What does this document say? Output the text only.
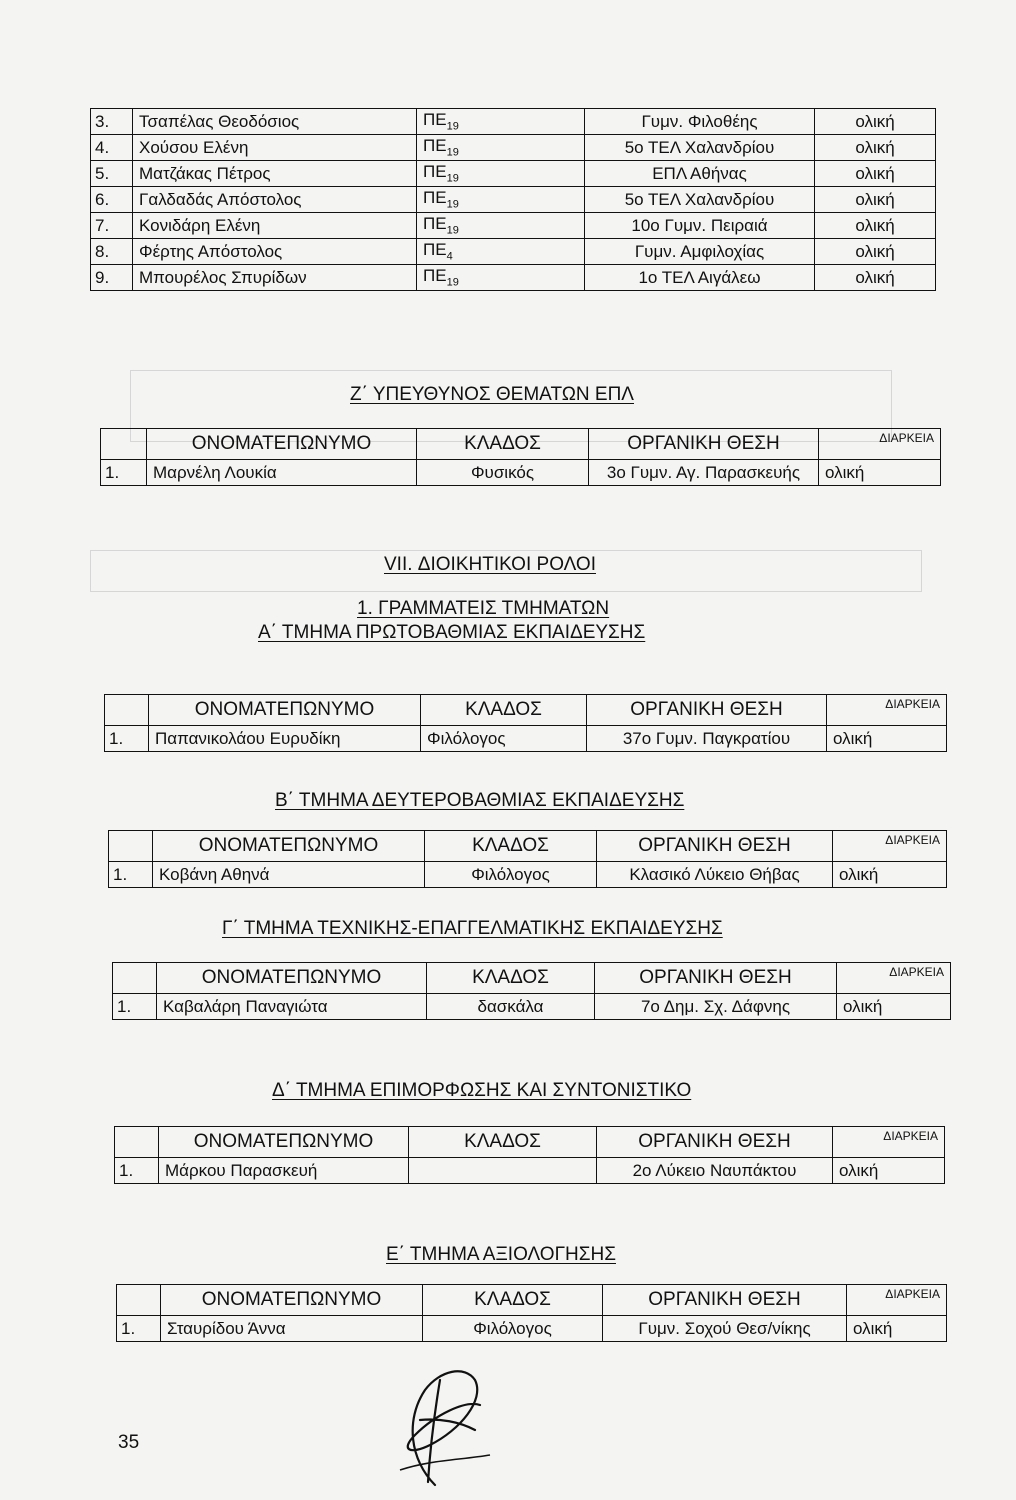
3.	Τσαπέλας Θεοδόσιος	$\Pi E_{19}$	Γυμν. Φιλοθέης	ολική
4.	Χούσου Ελένη	$\Pi E_{19}$	5ο ΤΕΛ Χαλανδρίου	ολική
5.	Ματζάκας Πέτρος	$\Pi E_{19}$	ΕΠΛ Αθήνας	ολική
6.	Γαλδαδάς Απόστολος	$\Pi E_{19}$	5ο ΤΕΛ Χαλανδρίου	ολική
7.	Κονιδάρη Ελένη	$\Pi E_{19}$	10ο Γυμν. Πειραιά	ολική
8.	Φέρτης Απόστολος	$\Pi E_4$	Γυμν. Αμφιλοχίας	ολική
9.	Μπουρέλος Σπυρίδων	$\Pi E_{19}$	1ο ΤΕΛ Αιγάλεω	ολική
Ζ΄ ΥΠΕΥΘΥΝΟΣ ΘΕΜΑΤΩΝ ΕΠΛ
	ΟΝΟΜΑΤΕΠΩΝΥΜΟ	ΚΛΑΔΟΣ	ΟΡΓΑΝΙΚΗ ΘΕΣΗ	ΔΙΑΡΚΕΙΑ
1.	Μαρνέλη Λουκία	Φυσικός	3ο Γυμν. Αγ. Παρασκευής	ολική
VII. ΔΙΟΙΚΗΤΙΚΟΙ ΡΟΛΟΙ
1. ΓΡΑΜΜΑΤΕΙΣ ΤΜΗΜΑΤΩΝ
Α΄ ΤΜΗΜΑ ΠΡΩΤΟΒΑΘΜΙΑΣ ΕΚΠΑΙΔΕΥΣΗΣ
	ΟΝΟΜΑΤΕΠΩΝΥΜΟ	ΚΛΑΔΟΣ	ΟΡΓΑΝΙΚΗ ΘΕΣΗ	ΔΙΑΡΚΕΙΑ
1.	Παπανικολάου Ευρυδίκη	Φιλόλογος	37ο Γυμν. Παγκρατίου	ολική
Β΄ ΤΜΗΜΑ ΔΕΥΤΕΡΟΒΑΘΜΙΑΣ ΕΚΠΑΙΔΕΥΣΗΣ
	ΟΝΟΜΑΤΕΠΩΝΥΜΟ	ΚΛΑΔΟΣ	ΟΡΓΑΝΙΚΗ ΘΕΣΗ	ΔΙΑΡΚΕΙΑ
1.	Κοβάνη Αθηνά	Φιλόλογος	Κλασικό Λύκειο Θήβας	ολική
Γ΄ ΤΜΗΜΑ ΤΕΧΝΙΚΗΣ-ΕΠΑΓΓΕΛΜΑΤΙΚΗΣ ΕΚΠΑΙΔΕΥΣΗΣ
	ΟΝΟΜΑΤΕΠΩΝΥΜΟ	ΚΛΑΔΟΣ	ΟΡΓΑΝΙΚΗ ΘΕΣΗ	ΔΙΑΡΚΕΙΑ
1.	Καβαλάρη Παναγιώτα	δασκάλα	7ο Δημ. Σχ. Δάφνης	ολική
Δ΄ ΤΜΗΜΑ ΕΠΙΜΟΡΦΩΣΗΣ ΚΑΙ ΣΥΝΤΟΝΙΣΤΙΚΟ
	ΟΝΟΜΑΤΕΠΩΝΥΜΟ	ΚΛΑΔΟΣ	ΟΡΓΑΝΙΚΗ ΘΕΣΗ	ΔΙΑΡΚΕΙΑ
1.	Μάρκου Παρασκευή		2ο Λύκειο Ναυπάκτου	ολική
Ε΄ ΤΜΗΜΑ ΑΞΙΟΛΟΓΗΣΗΣ
	ΟΝΟΜΑΤΕΠΩΝΥΜΟ	ΚΛΑΔΟΣ	ΟΡΓΑΝΙΚΗ ΘΕΣΗ	ΔΙΑΡΚΕΙΑ
1.	Σταυρίδου Άννα	Φιλόλογος	Γυμν. Σοχού Θεσ/νίκης	ολική
35
